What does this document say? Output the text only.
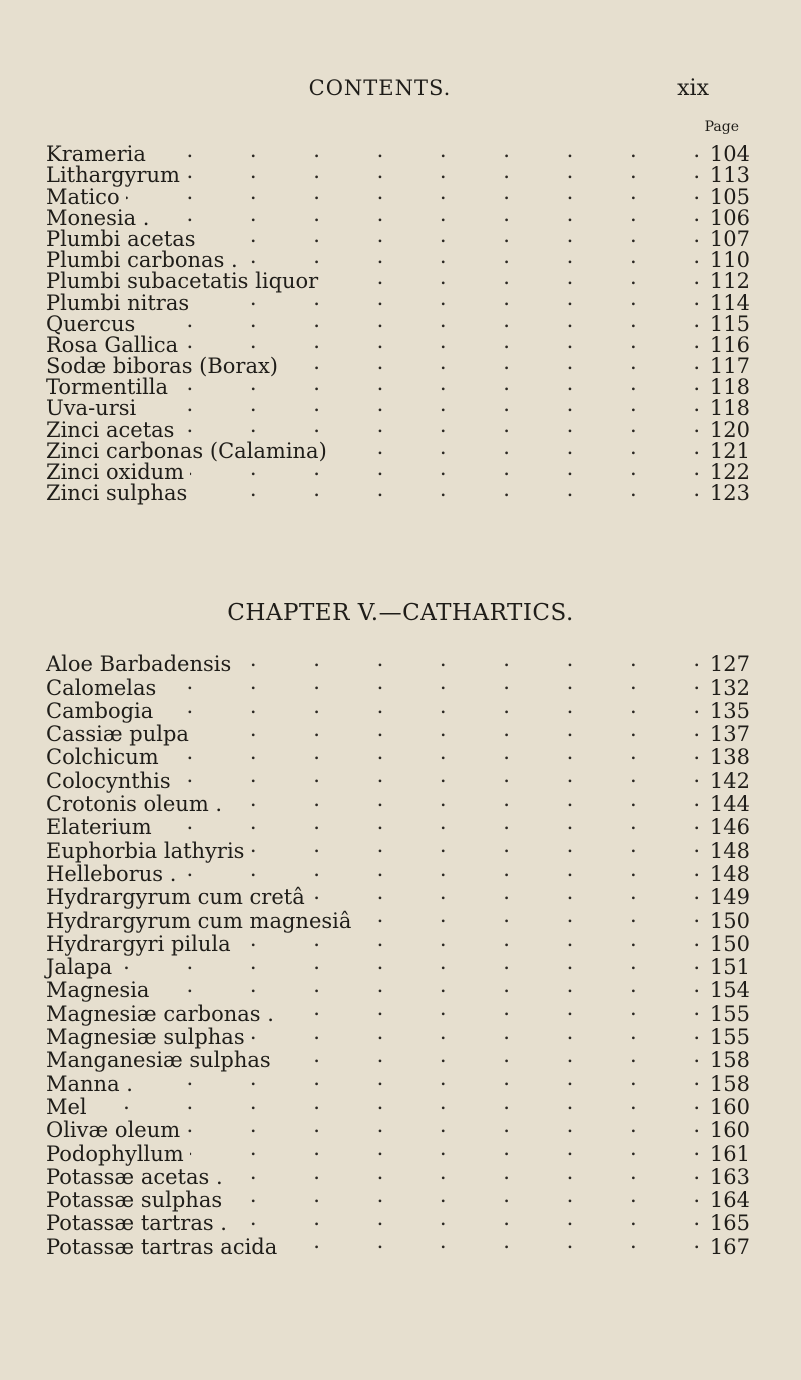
CONTENTS.	xix
Page
Krameria . . .	104
Lithargyrum . . .	113
Matico . . .	105
Monesia . . . .	106
Plumbi acetas . . .	107
Plumbi carbonas . . . .	110
Plumbi subacetatis liquor . . .	112
Plumbi nitras . . .	114
Quercus . . .	115
Rosa Gallica . . .	116
Sodæ biboras (Borax) . . .	117
Tormentilla . . .	118
Uva-ursi . . .	118
Zinci acetas . . .	120
Zinci carbonas (Calamina) . . .	121
Zinci oxidum . . .	122
Zinci sulphas . . .	123
CHAPTER V.—CATHARTICS.
Aloe Barbadensis . . .	127
Calomelas . . .	132
Cambogia . . .	135
Cassiæ pulpa . . .	137
Colchicum . . .	138
Colocynthis . . .	142
Crotonis oleum . . . .	144
Elaterium . . .	146
Euphorbia lathyris . . .	148
Helleborus . . . .	148
Hydrargyrum cum cretâ . . .	149
Hydrargyrum cum magnesiâ . . .	150
Hydrargyri pilula . . .	150
Jalapa . . .	151
Magnesia . . .	154
Magnesiæ carbonas . . . .	155
Magnesiæ sulphas . . .	155
Manganesiæ sulphas . . .	158
Manna . . . .	158
Mel . . .	160
Olivæ oleum . . .	160
Podophyllum . . .	161
Potassæ acetas . . . .	163
Potassæ sulphas . . .	164
Potassæ tartras . . . .	165
Potassæ tartras acida . . .	167
